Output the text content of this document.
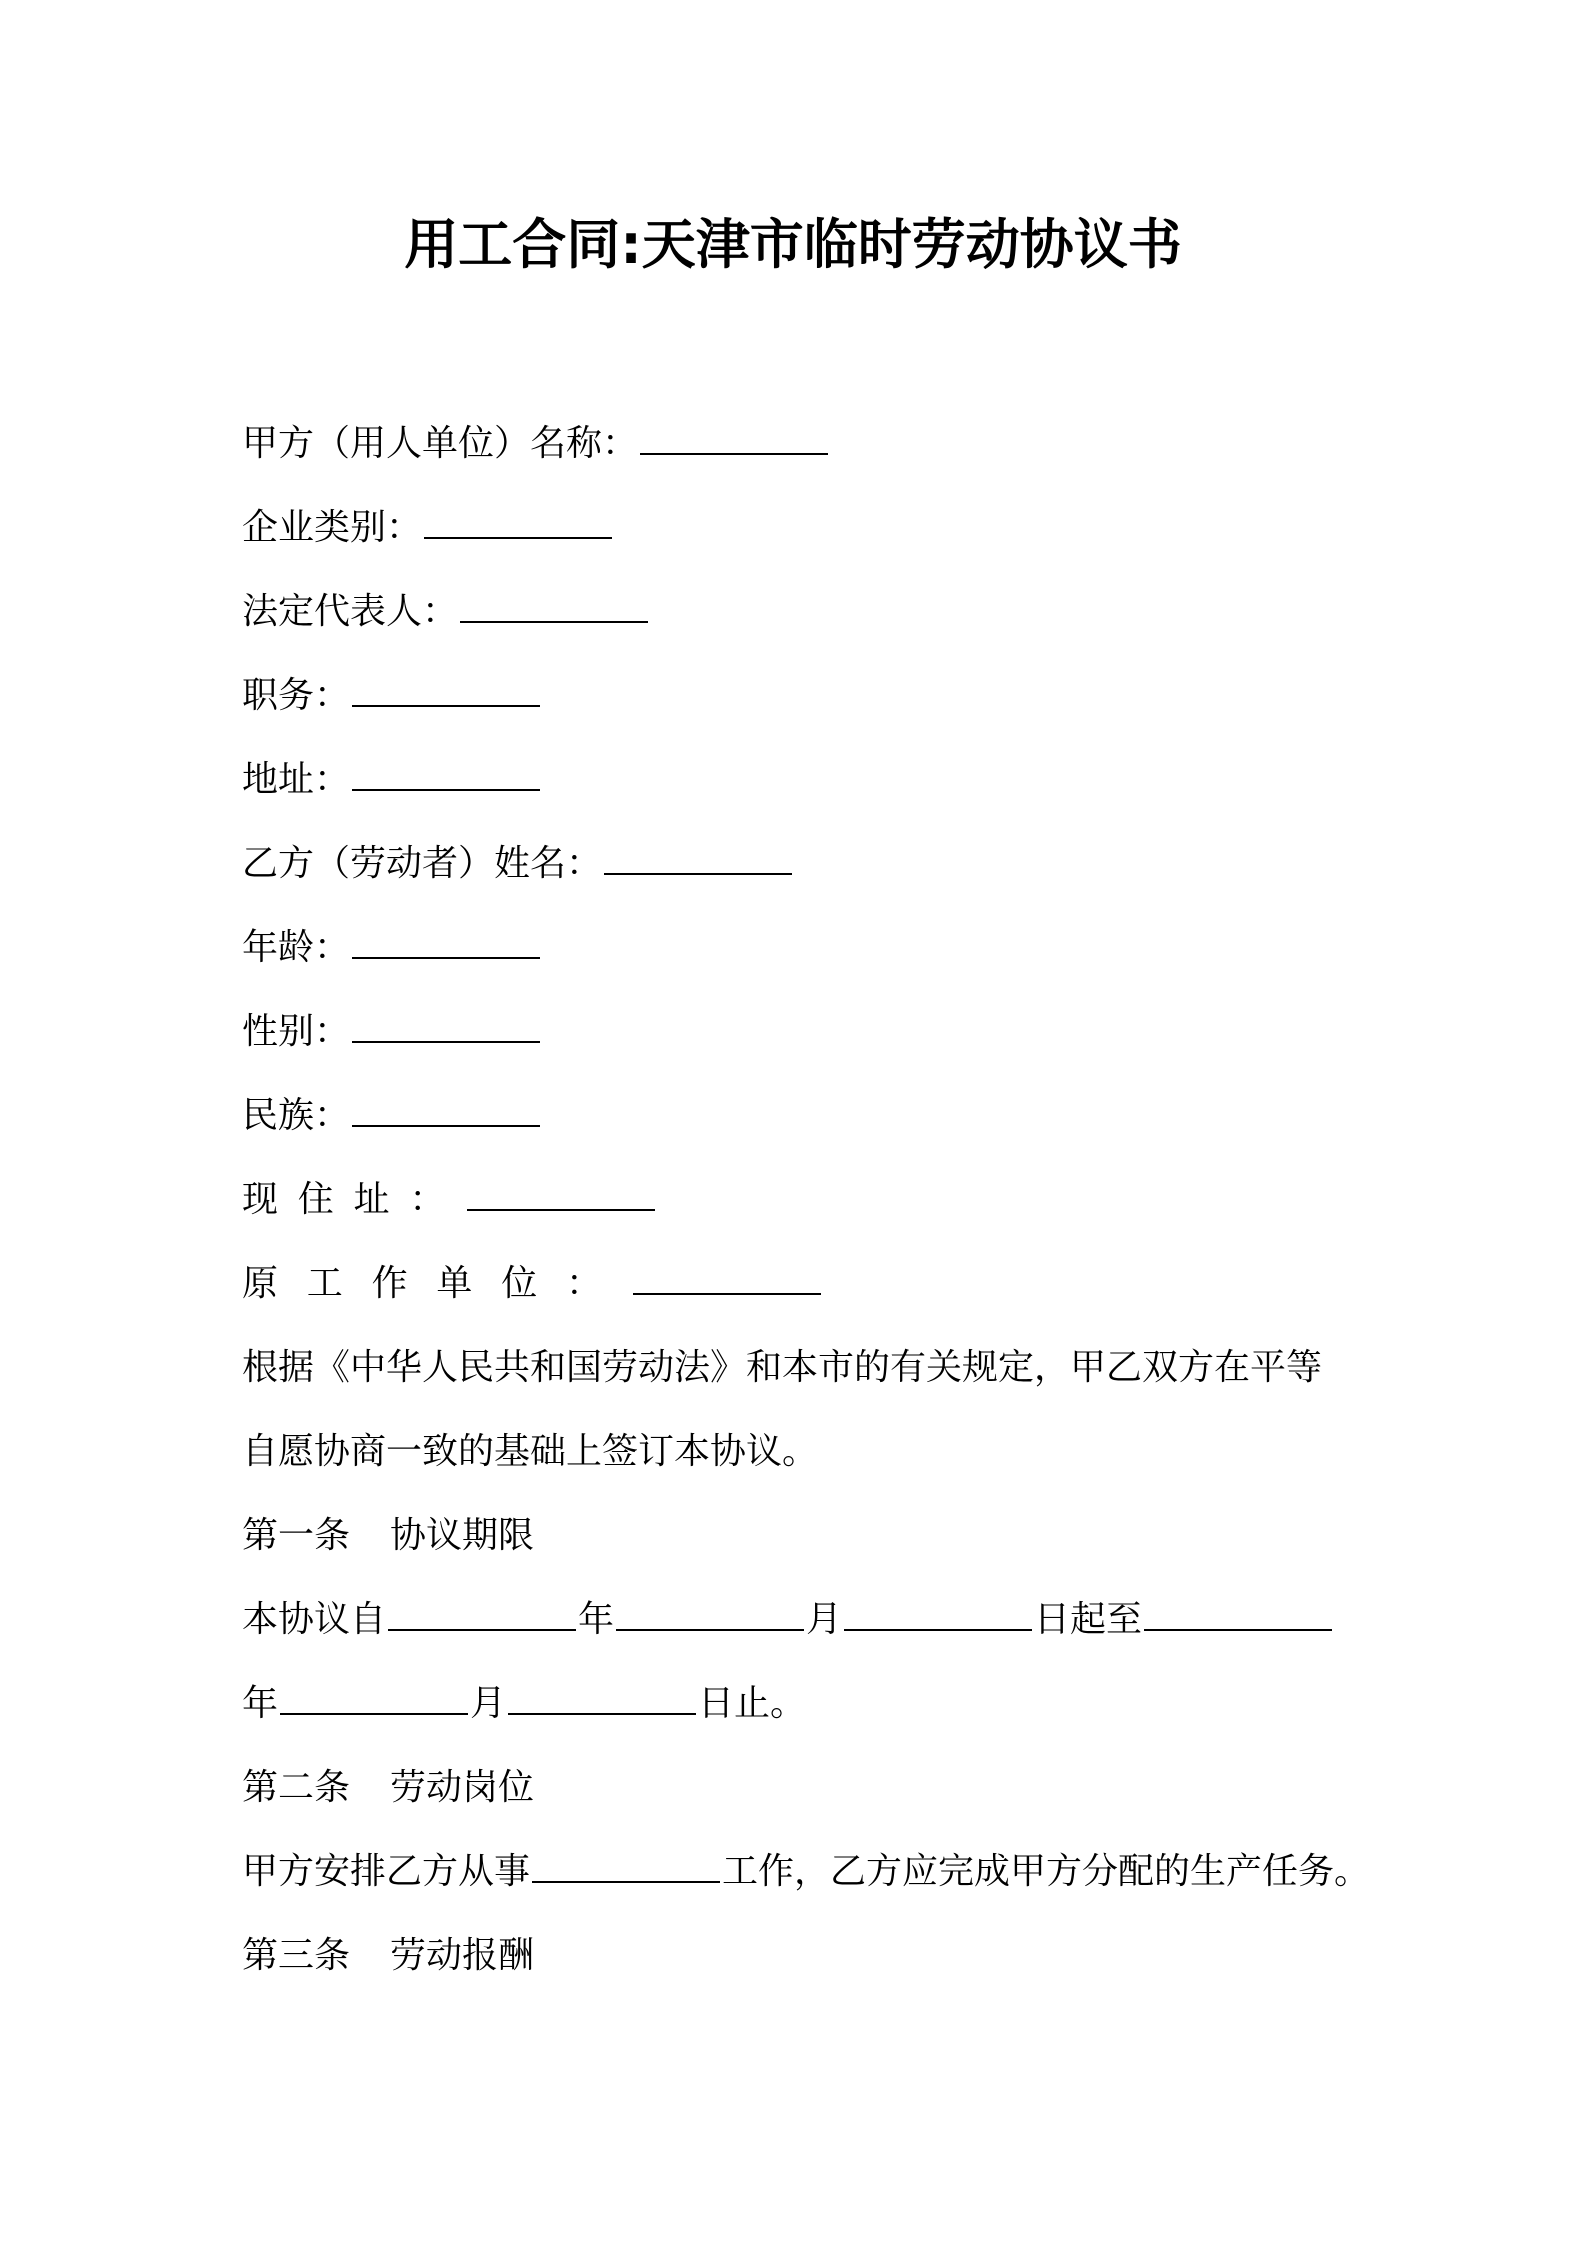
用工合同:天津市临时劳动协议书
甲方（用人单位）名称：
企业类别：
法定代表人：
职务：
地址：
乙方（劳动者）姓名：
年龄：
性别：
民族：
现住址：
原工作单位：
根据《中华人民共和国劳动法》和本市的有关规定，甲乙双方在平等
自愿协商一致的基础上签订本协议。
第一条 协议期限
本协议自	年	月	日起至
年	月	日止。
第二条 劳动岗位
甲方安排乙方从事	工作，乙方应完成甲方分配的生产任务。
第三条 劳动报酬
